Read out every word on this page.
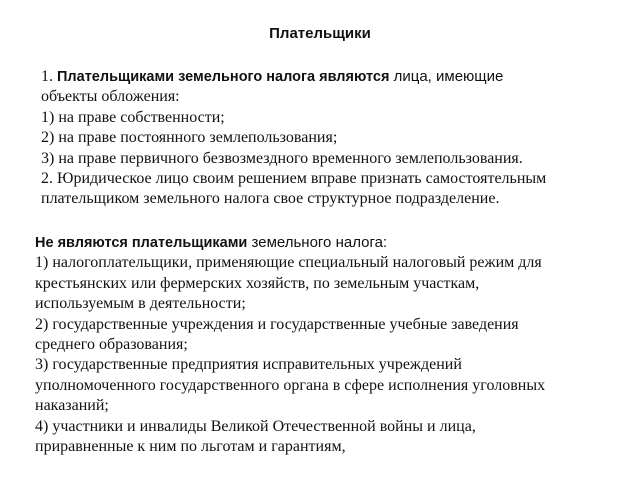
Плательщики
1. Плательщиками земельного налога являются лица, имеющие
объекты обложения:
1) на праве собственности;
2) на праве постоянного землепользования;
3) на праве первичного безвозмездного временного землепользования.
2. Юридическое лицо своим решением вправе признать самостоятельным
плательщиком земельного налога свое структурное подразделение.
Не являются плательщиками земельного налога:
1) налогоплательщики, применяющие специальный налоговый режим для
крестьянских или фермерских хозяйств, по земельным участкам,
используемым в деятельности;
2) государственные учреждения и государственные учебные заведения
среднего образования;
3) государственные предприятия исправительных учреждений
уполномоченного государственного органа в сфере исполнения уголовных
наказаний;
4) участники и инвалиды Великой Отечественной войны и лица,
приравненные к ним по льготам и гарантиям,
